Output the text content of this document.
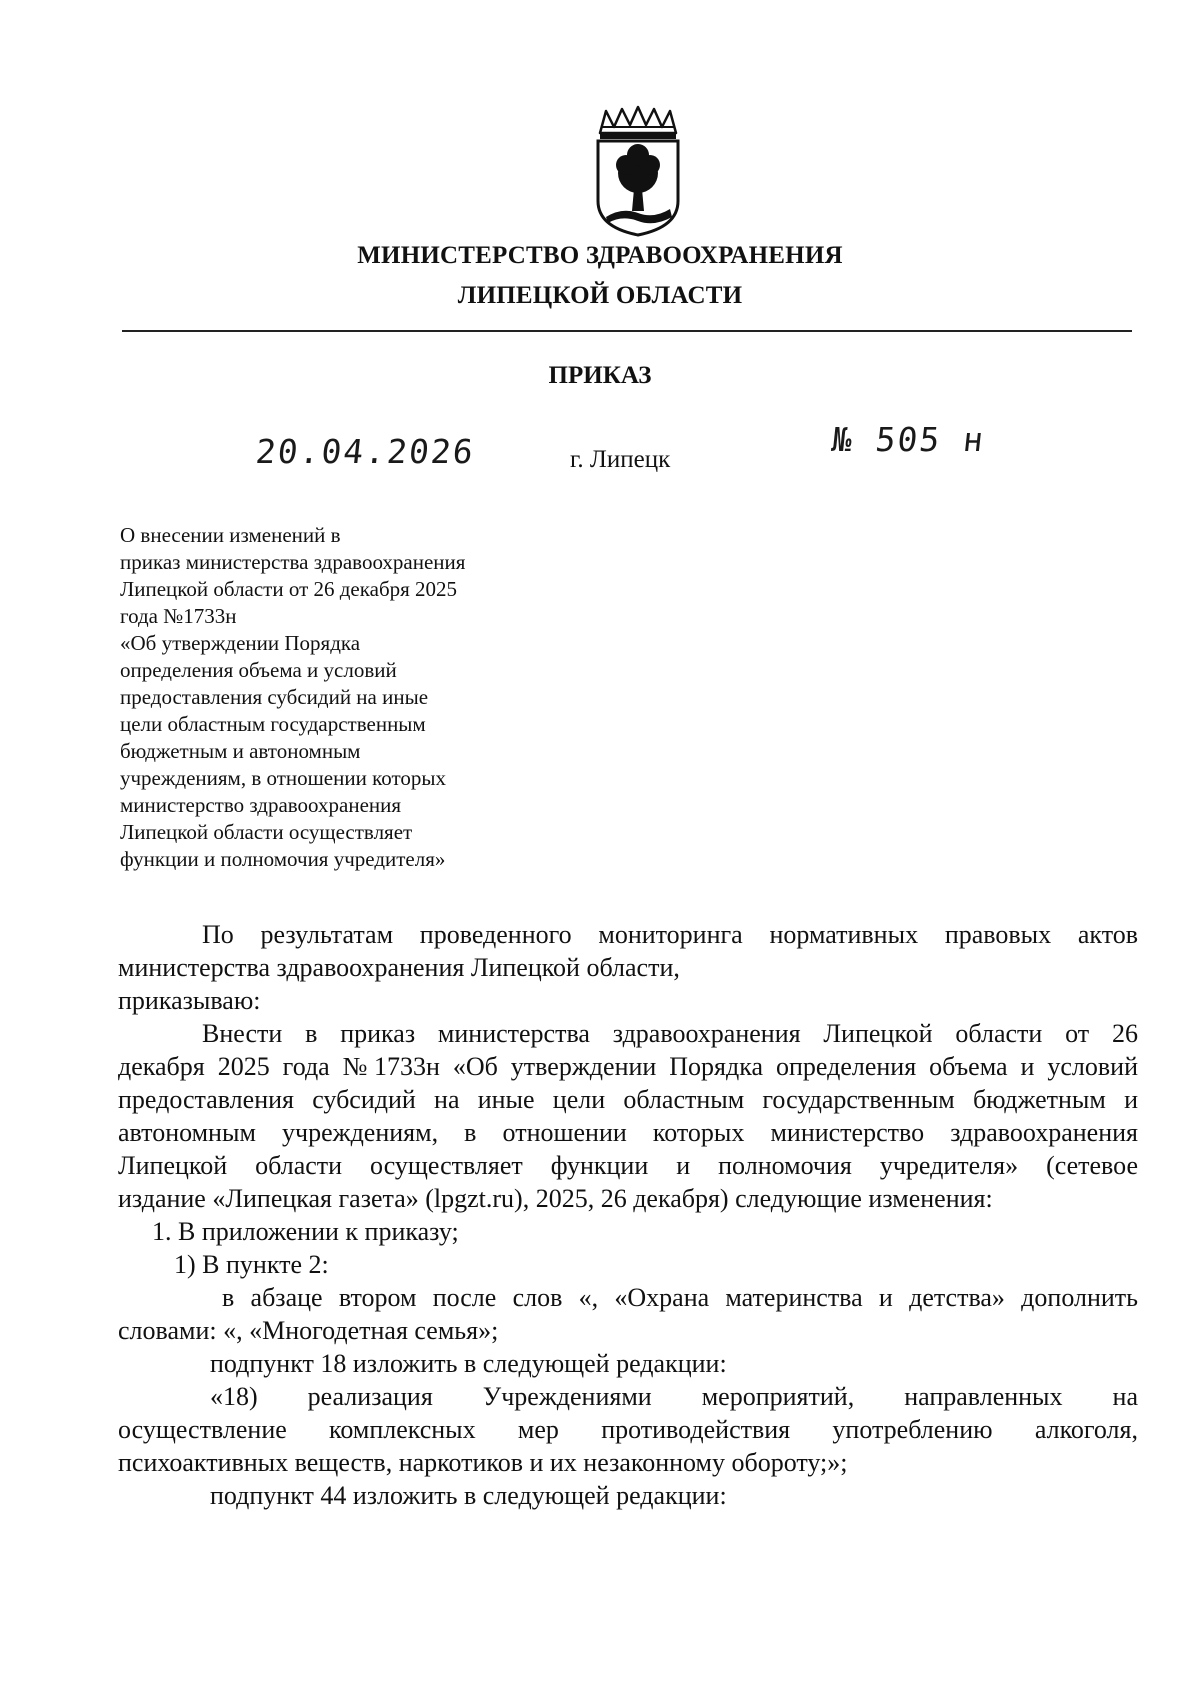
МИНИСТЕРСТВО ЗДРАВООХРАНЕНИЯ
ЛИПЕЦКОЙ ОБЛАСТИ
ПРИКАЗ
20.04.2026	г. Липецк
№ 505 н
О внесении изменений в
приказ министерства здравоохранения
Липецкой области от 26 декабря 2025
года №1733н
«Об утверждении Порядка
определения объема и условий
предоставления субсидий на иные
цели областным государственным
бюджетным и автономным
учреждениям, в отношении которых
министерство здравоохранения
Липецкой области осуществляет
функции и полномочия учредителя»
По результатам проведенного мониторинга нормативных правовых актов
министерства здравоохранения Липецкой области,
приказываю:
Внести в приказ министерства здравоохранения Липецкой области от 26
декабря 2025 года №1733н «Об утверждении Порядка определения объема и условий
предоставления субсидий на иные цели областным государственным бюджетным и
автономным учреждениям, в отношении которых министерство здравоохранения
Липецкой области осуществляет функции и полномочия учредителя» (сетевое
издание «Липецкая газета» (lpgzt.ru), 2025, 26 декабря) следующие изменения:
1. В приложении к приказу;
1) В пункте 2:
в абзаце втором после слов «, «Охрана материнства и детства» дополнить
словами: «, «Многодетная семья»;
подпункт 18 изложить в следующей редакции:
«18) реализация Учреждениями мероприятий, направленных на
осуществление комплексных мер противодействия употреблению алкоголя,
психоактивных веществ, наркотиков и их незаконному обороту;»;
подпункт 44 изложить в следующей редакции:
